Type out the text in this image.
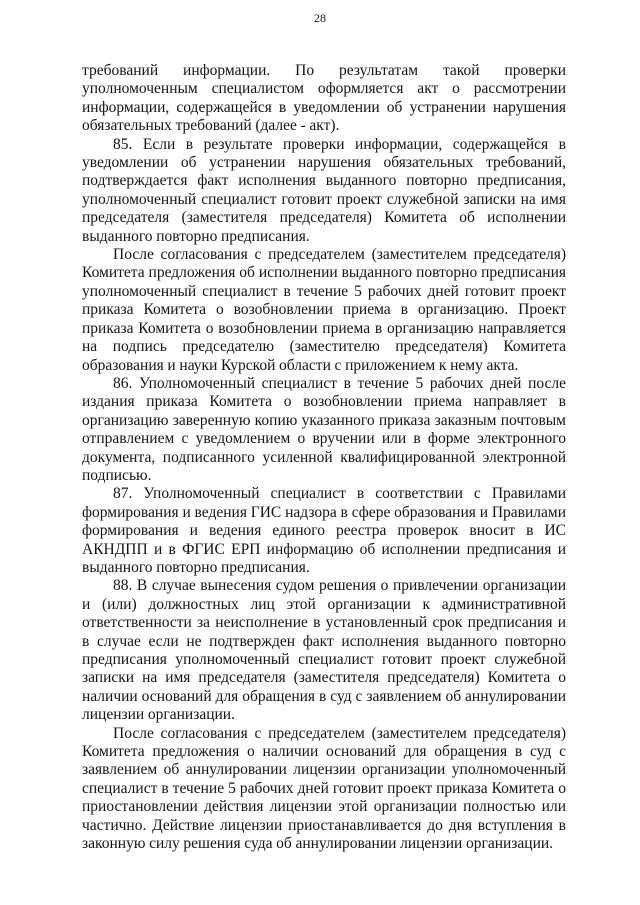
28

требований информации. По результатам такой проверки уполномоченным специалистом оформляется акт о рассмотрении информации, содержащейся в уведомлении об устранении нарушения обязательных требований (далее - акт).

85. Если в результате проверки информации, содержащейся в уведомлении об устранении нарушения обязательных требований, подтверждается факт исполнения выданного повторно предписания, уполномоченный специалист готовит проект служебной записки на имя председателя (заместителя председателя) Комитета об исполнении выданного повторно предписания.

После согласования с председателем (заместителем председателя) Комитета предложения об исполнении выданного повторно предписания уполномоченный специалист в течение 5 рабочих дней готовит проект приказа Комитета о возобновлении приема в организацию. Проект приказа Комитета о возобновлении приема в организацию направляется на подпись председателю (заместителю председателя) Комитета образования и науки Курской области с приложением к нему акта.

86. Уполномоченный специалист в течение 5 рабочих дней после издания приказа Комитета о возобновлении приема направляет в организацию заверенную копию указанного приказа заказным почтовым отправлением с уведомлением о вручении или в форме электронного документа, подписанного усиленной квалифицированной электронной подписью.

87. Уполномоченный специалист в соответствии с Правилами формирования и ведения ГИС надзора в сфере образования и Правилами формирования и ведения единого реестра проверок вносит в ИС АКНДПП и в ФГИС ЕРП информацию об исполнении предписания и выданного повторно предписания.

88. В случае вынесения судом решения о привлечении организации и (или) должностных лиц этой организации к административной ответственности за неисполнение в установленный срок предписания и в случае если не подтвержден факт исполнения выданного повторно предписания уполномоченный специалист готовит проект служебной записки на имя председателя (заместителя председателя) Комитета о наличии оснований для обращения в суд с заявлением об аннулировании лицензии организации.

После согласования с председателем (заместителем председателя) Комитета предложения о наличии оснований для обращения в суд с заявлением об аннулировании лицензии организации уполномоченный специалист в течение 5 рабочих дней готовит проект приказа Комитета о приостановлении действия лицензии этой организации полностью или частично. Действие лицензии приостанавливается до дня вступления в законную силу решения суда об аннулировании лицензии организации.
